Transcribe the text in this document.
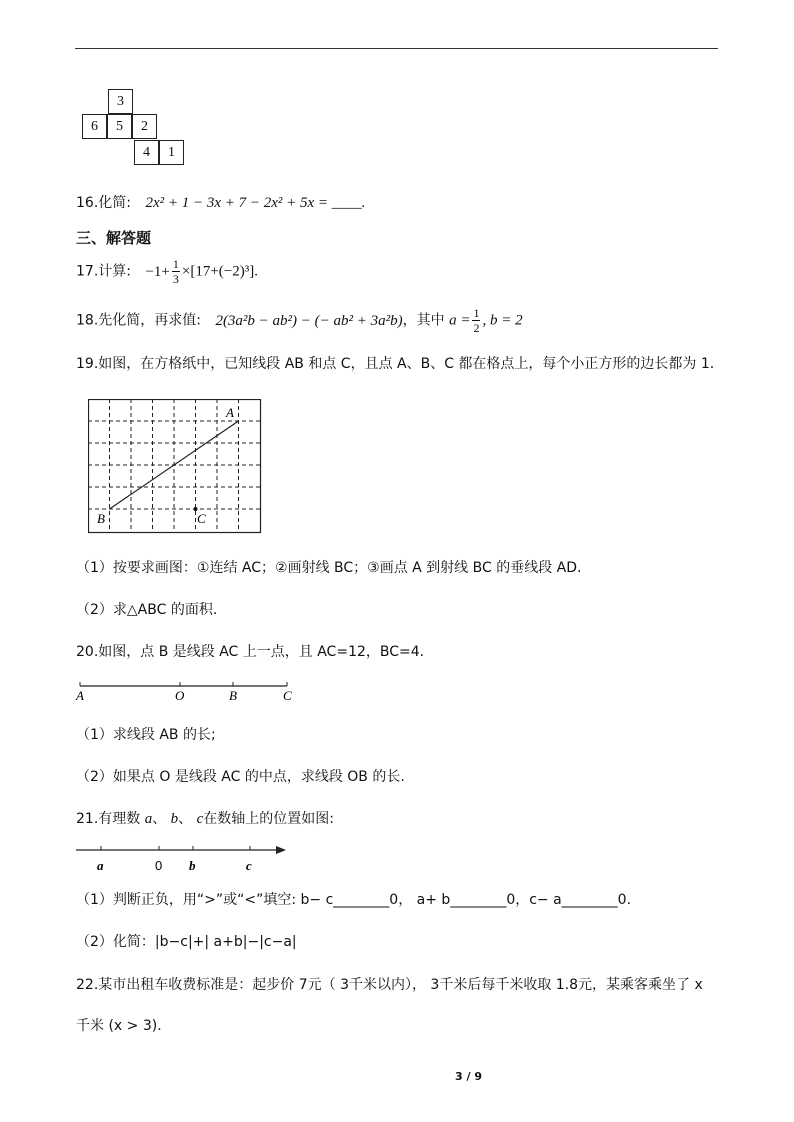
3
6	5	2
4	1
16.化简: 2x² + 1 − 3x + 7 − 2x² + 5x = ____.
三、解答题
17.计算: $-1+ \frac{1}{3} \times[17+(-2)^3]$.
18.先化简，再求值: 2(3a²b − ab²) − (− ab² + 3a²b)，其中 $a = \frac{1}{2}$ , b = 2
19.如图，在方格纸中，已知线段 AB 和点 C，且点 A、B、C 都在格点上，每个小正方形的边长都为 1.
A
B	C
（1）按要求画图：①连结 AC；②画射线 BC；③画点 A 到射线 BC 的垂线段 AD.
（2）求△ABC 的面积.
20.如图，点 B 是线段 AC 上一点，且 AC=12，BC=4.
A	O	B	C
（1）求线段 AB 的长;
（2）如果点 O 是线段 AC 的中点，求线段 OB 的长.
21.有理数 a、 b、 c在数轴上的位置如图:
a	0 b	c
（1）判断正负，用“>”或“<”填空: b− c________0， a+ b________0，c− a________0.
（2）化简：|b−c|+| a+b|−|c−a|
22.某市出租车收费标准是：起步价 7元（ 3千米以内）， 3千米后每千米收取 1.8元，某乘客乘坐了 x
千米 (x > 3).
3 / 9
